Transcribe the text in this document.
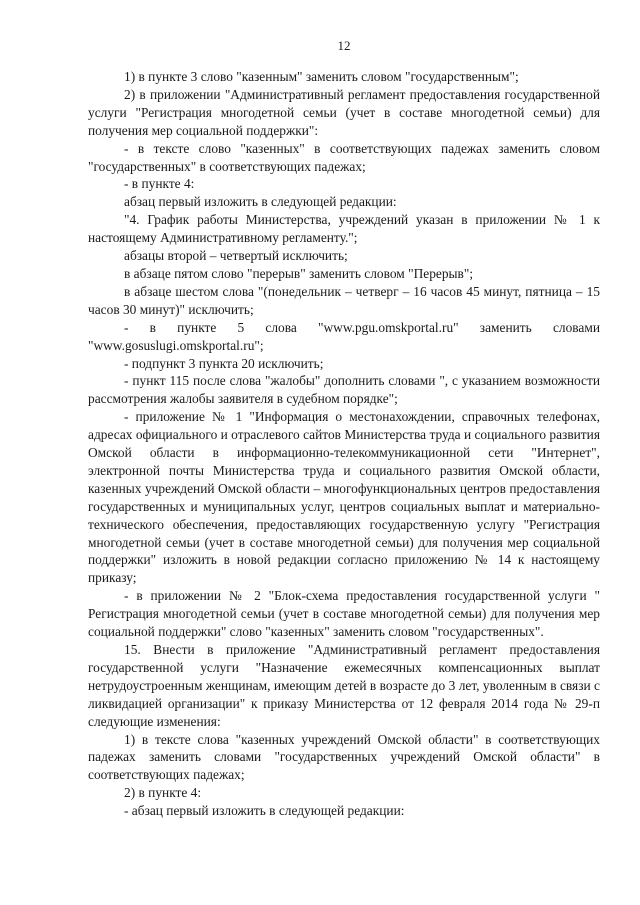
12

1) в пункте 3 слово "казенным" заменить словом "государственным";

2) в приложении "Административный регламент предоставления государственной услуги "Регистрация многодетной семьи (учет в составе многодетной семьи) для получения мер социальной поддержки":

- в тексте слово "казенных" в соответствующих падежах заменить словом "государственных" в соответствующих падежах;

- в пункте 4:

абзац первый изложить в следующей редакции:

"4. График работы Министерства, учреждений указан в приложении № 1 к настоящему Административному регламенту.";

абзацы второй – четвертый исключить;

в абзаце пятом слово "перерыв" заменить словом "Перерыв";

в абзаце шестом слова "(понедельник – четверг – 16 часов 45 минут, пятница – 15 часов 30 минут)" исключить;

- в пункте 5 слова "www.pgu.omskportal.ru" заменить словами "www.gosuslugi.omskportal.ru";

- подпункт 3 пункта 20 исключить;

- пункт 115 после слова "жалобы" дополнить словами ", с указанием возможности рассмотрения жалобы заявителя в судебном порядке";

- приложение № 1 "Информация о местонахождении, справочных телефонах, адресах официального и отраслевого сайтов Министерства труда и социального развития Омской области в информационно-телекоммуникационной сети "Интернет", электронной почты Министерства труда и социального развития Омской области, казенных учреждений Омской области – многофункциональных центров предоставления государственных и муниципальных услуг, центров социальных выплат и материально-технического обеспечения, предоставляющих государственную услугу "Регистрация многодетной семьи (учет в составе многодетной семьи) для получения мер социальной поддержки" изложить в новой редакции согласно приложению № 14 к настоящему приказу;

- в приложении № 2 "Блок-схема предоставления государственной услуги " Регистрация многодетной семьи (учет в составе многодетной семьи) для получения мер социальной поддержки" слово "казенных" заменить словом "государственных".

15. Внести в приложение "Административный регламент предоставления государственной услуги "Назначение ежемесячных компенсационных выплат нетрудоустроенным женщинам, имеющим детей в возрасте до 3 лет, уволенным в связи с ликвидацией организации" к приказу Министерства от 12 февраля 2014 года № 29-п следующие изменения:

1) в тексте слова "казенных учреждений Омской области" в соответствующих падежах заменить словами "государственных учреждений Омской области" в соответствующих падежах;

2) в пункте 4:

- абзац первый изложить в следующей редакции:
